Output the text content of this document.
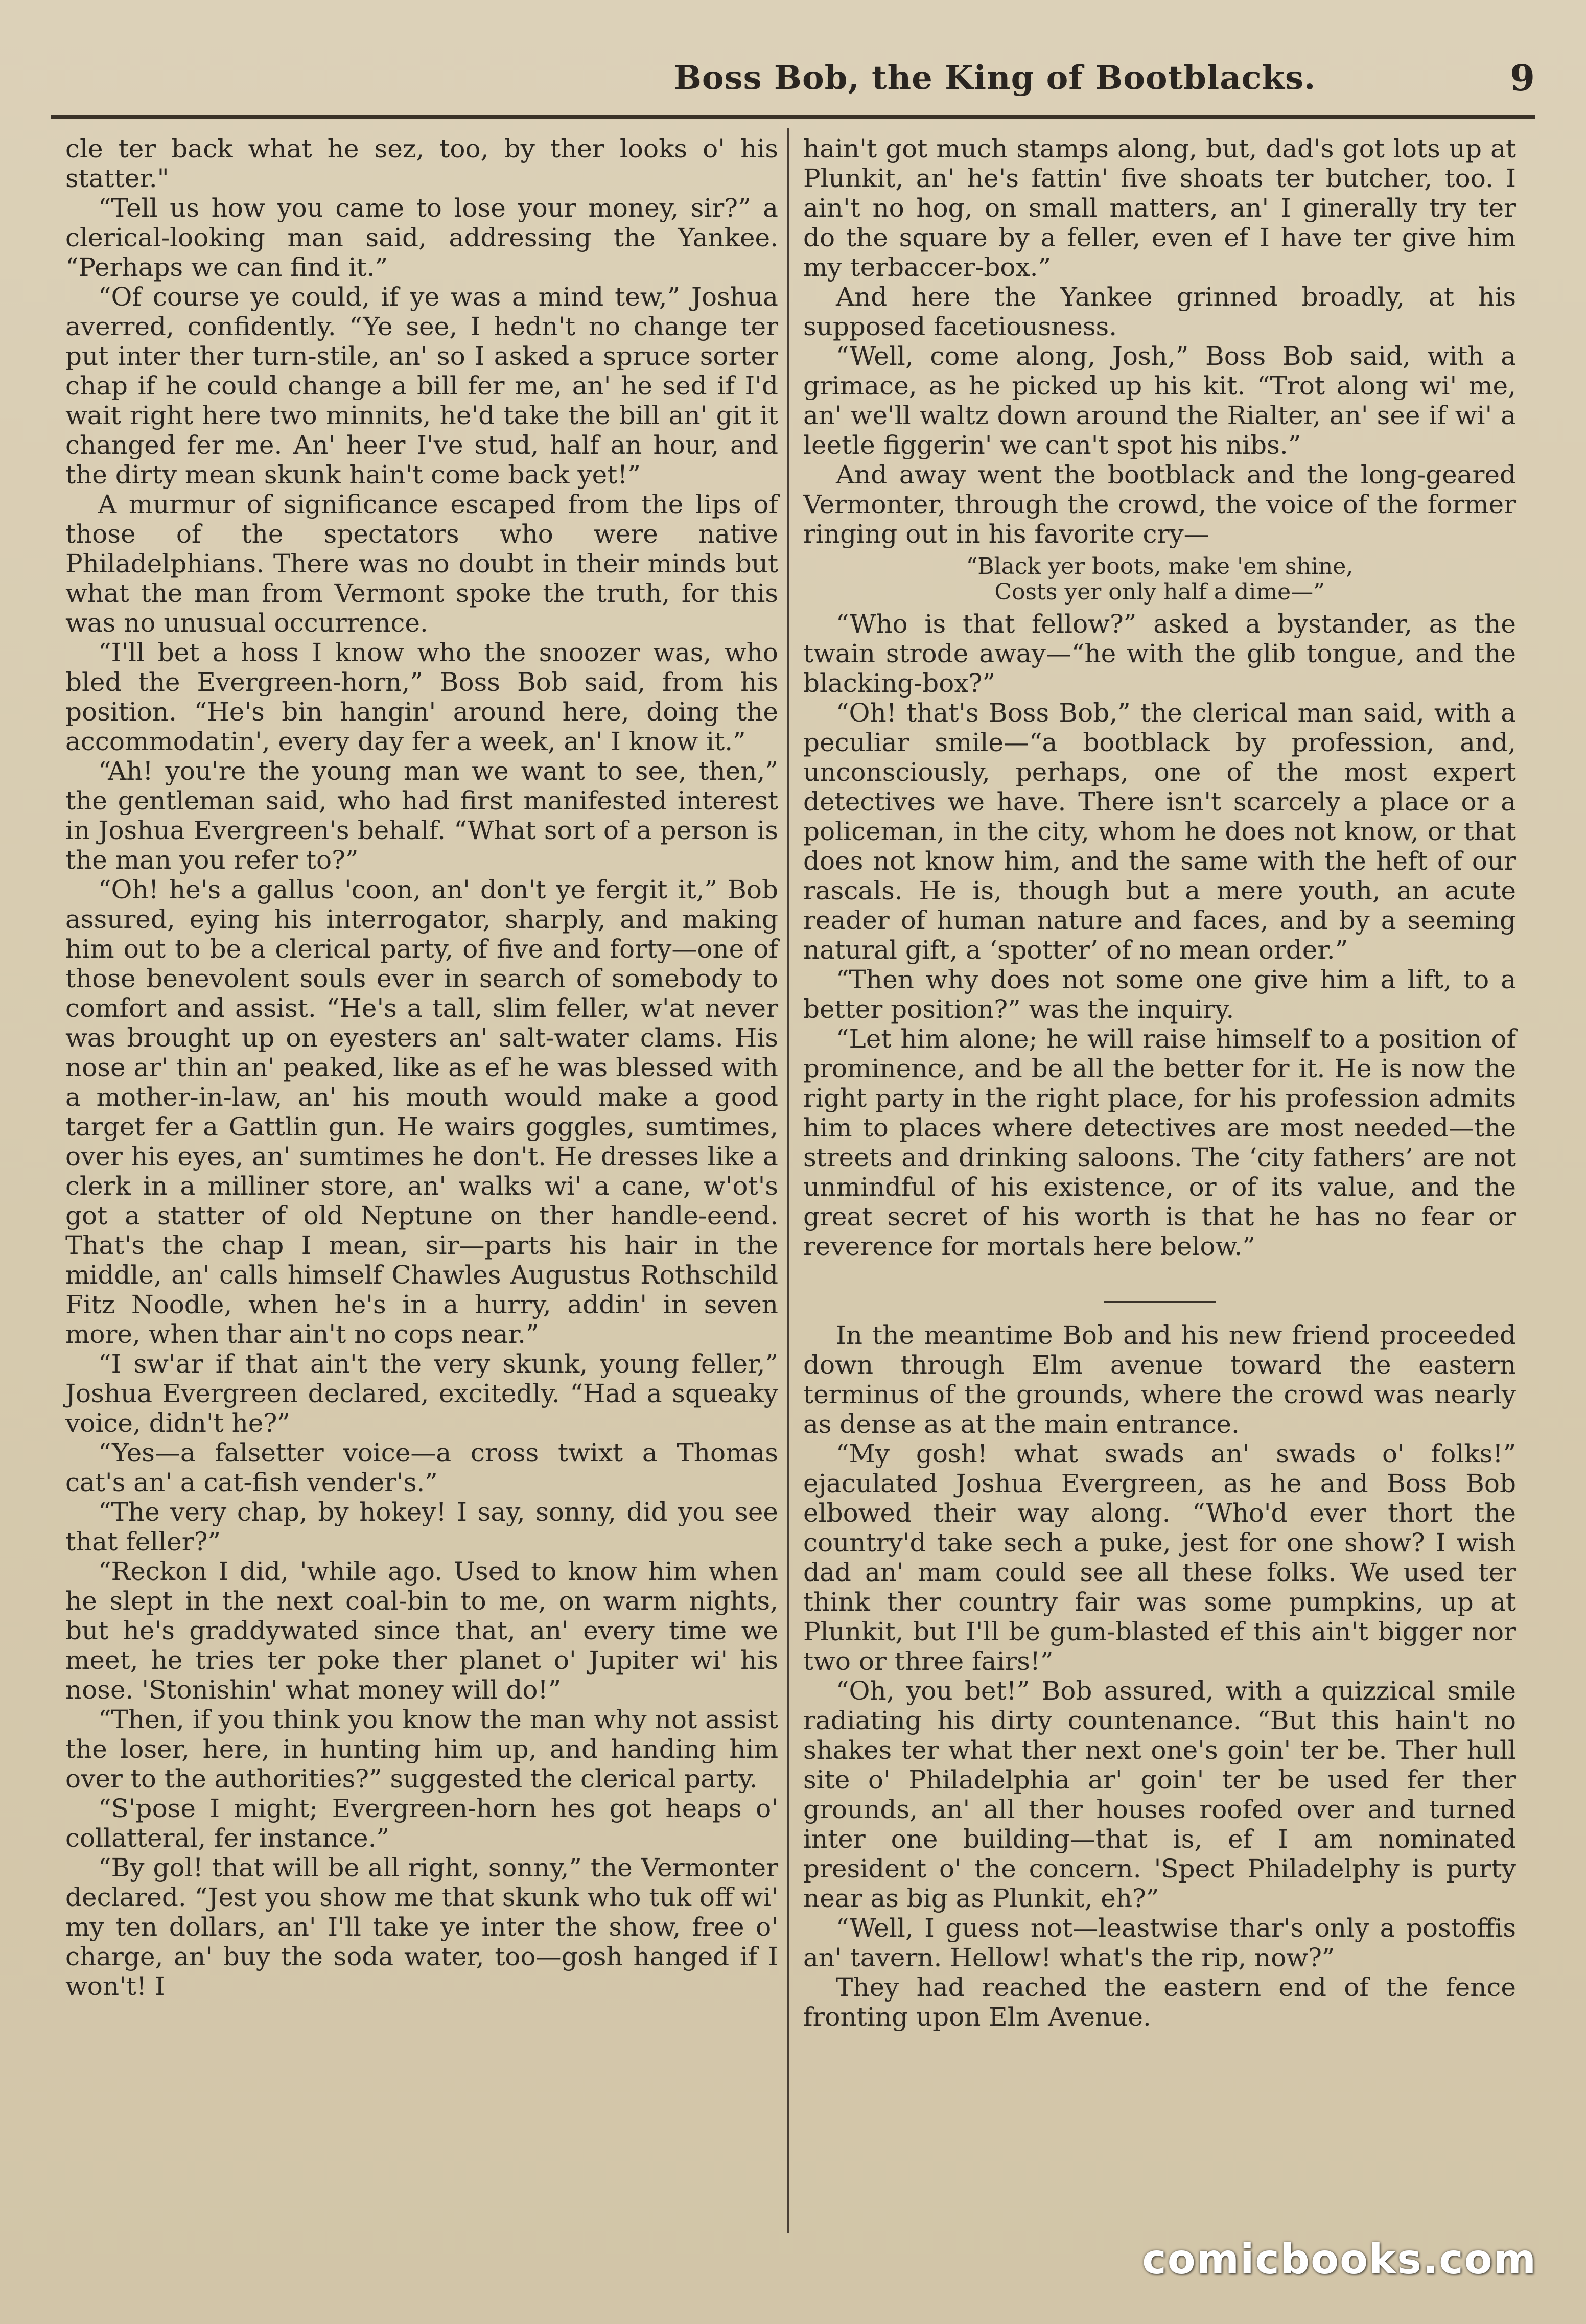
Boss Bob, the King of Bootblacks.	9

cle ter back what he sez, too, by ther looks o' his statter."

“Tell us how you came to lose your money, sir?” a clerical-looking man said, addressing the Yankee. “Perhaps we can find it.”

“Of course ye could, if ye was a mind tew,” Joshua averred, confidently. “Ye see, I hedn't no change ter put inter ther turn-stile, an' so I asked a spruce sorter chap if he could change a bill fer me, an' he sed if I'd wait right here two minnits, he'd take the bill an' git it changed fer me. An' heer I've stud, half an hour, and the dirty mean skunk hain't come back yet!”

A murmur of significance escaped from the lips of those of the spectators who were native Philadelphians. There was no doubt in their minds but what the man from Vermont spoke the truth, for this was no unusual occurrence.

“I'll bet a hoss I know who the snoozer was, who bled the Evergreen-horn,” Boss Bob said, from his position. “He's bin hangin' around here, doing the accommodatin', every day fer a week, an' I know it.”

“Ah! you're the young man we want to see, then,” the gentleman said, who had first manifested interest in Joshua Evergreen's behalf. “What sort of a person is the man you refer to?”

“Oh! he's a gallus 'coon, an' don't ye fergit it,” Bob assured, eying his interrogator, sharply, and making him out to be a clerical party, of five and forty—one of those benevolent souls ever in search of somebody to comfort and assist. “He's a tall, slim feller, w'at never was brought up on eyesters an' salt-water clams. His nose ar' thin an' peaked, like as ef he was blessed with a mother-in-law, an' his mouth would make a good target fer a Gattlin gun. He wairs goggles, sumtimes, over his eyes, an' sumtimes he don't. He dresses like a clerk in a milliner store, an' walks wi' a cane, w'ot's got a statter of old Neptune on ther handle-eend. That's the chap I mean, sir—parts his hair in the middle, an' calls himself Chawles Augustus Rothschild Fitz Noodle, when he's in a hurry, addin' in seven more, when thar ain't no cops near.”

“I sw'ar if that ain't the very skunk, young feller,” Joshua Evergreen declared, excitedly. “Had a squeaky voice, didn't he?”

“Yes—a falsetter voice—a cross twixt a Thomas cat's an' a cat-fish vender's.”

“The very chap, by hokey! I say, sonny, did you see that feller?”

“Reckon I did, 'while ago. Used to know him when he slept in the next coal-bin to me, on warm nights, but he's graddywated since that, an' every time we meet, he tries ter poke ther planet o' Jupiter wi' his nose. 'Stonishin' what money will do!”

“Then, if you think you know the man why not assist the loser, here, in hunting him up, and handing him over to the authorities?” suggested the clerical party.

“S'pose I might; Evergreen-horn hes got heaps o' collatteral, fer instance.”

“By gol! that will be all right, sonny,” the Vermonter declared. “Jest you show me that skunk who tuk off wi' my ten dollars, an' I'll take ye inter the show, free o' charge, an' buy the soda water, too—gosh hanged if I won't! I

hain't got much stamps along, but, dad's got lots up at Plunkit, an' he's fattin' five shoats ter butcher, too. I ain't no hog, on small matters, an' I ginerally try ter do the square by a feller, even ef I have ter give him my terbaccer-box.”

And here the Yankee grinned broadly, at his supposed facetiousness.

“Well, come along, Josh,” Boss Bob said, with a grimace, as he picked up his kit. “Trot along wi' me, an' we'll waltz down around the Rialter, an' see if wi' a leetle figgerin' we can't spot his nibs.”

And away went the bootblack and the long-geared Vermonter, through the crowd, the voice of the former ringing out in his favorite cry—

“Black yer boots, make 'em shine,
Costs yer only half a dime—”

“Who is that fellow?” asked a bystander, as the twain strode away—“he with the glib tongue, and the blacking-box?”

“Oh! that's Boss Bob,” the clerical man said, with a peculiar smile—“a bootblack by profession, and, unconsciously, perhaps, one of the most expert detectives we have. There isn't scarcely a place or a policeman, in the city, whom he does not know, or that does not know him, and the same with the heft of our rascals. He is, though but a mere youth, an acute reader of human nature and faces, and by a seeming natural gift, a ‘spotter’ of no mean order.”

“Then why does not some one give him a lift, to a better position?” was the inquiry.

“Let him alone; he will raise himself to a position of prominence, and be all the better for it. He is now the right party in the right place, for his profession admits him to places where detectives are most needed—the streets and drinking saloons. The ‘city fathers’ are not unmindful of his existence, or of its value, and the great secret of his worth is that he has no fear or reverence for mortals here below.”

In the meantime Bob and his new friend proceeded down through Elm avenue toward the eastern terminus of the grounds, where the crowd was nearly as dense as at the main entrance.

“My gosh! what swads an' swads o' folks!” ejaculated Joshua Evergreen, as he and Boss Bob elbowed their way along. “Who'd ever thort the country'd take sech a puke, jest for one show? I wish dad an' mam could see all these folks. We used ter think ther country fair was some pumpkins, up at Plunkit, but I'll be gum-blasted ef this ain't bigger nor two or three fairs!”

“Oh, you bet!” Bob assured, with a quizzical smile radiating his dirty countenance. “But this hain't no shakes ter what ther next one's goin' ter be. Ther hull site o' Philadelphia ar' goin' ter be used fer ther grounds, an' all ther houses roofed over and turned inter one building—that is, ef I am nominated president o' the concern. 'Spect Philadelphy is purty near as big as Plunkit, eh?”

“Well, I guess not—leastwise thar's only a postoffis an' tavern. Hellow! what's the rip, now?”

They had reached the eastern end of the fence fronting upon Elm Avenue.

comicbooks.com
